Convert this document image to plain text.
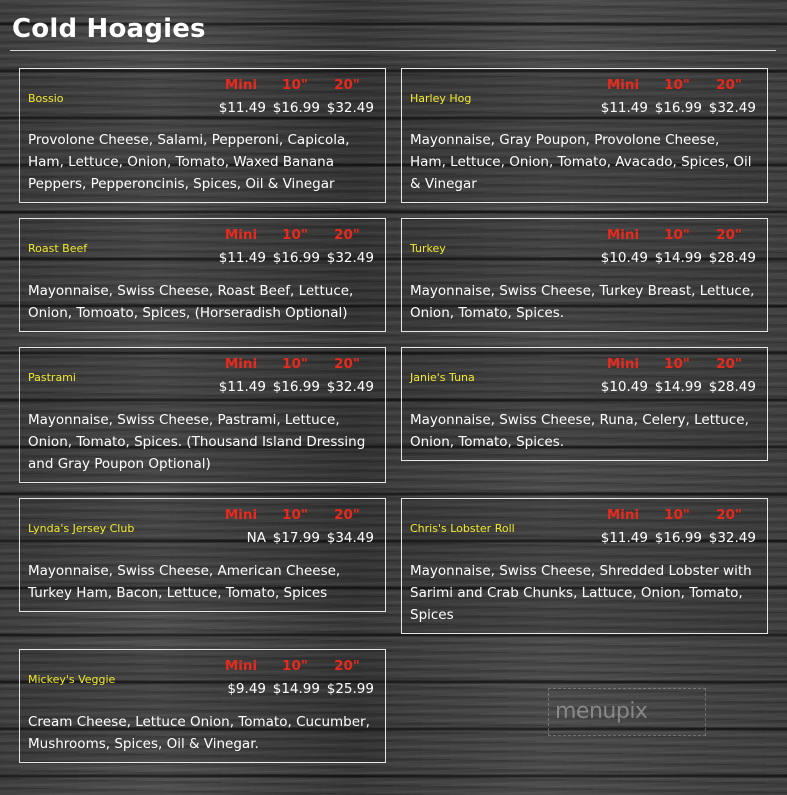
Cold Hoagies
Bossio
Mini	10"	20"
$11.49 $16.99 $32.49
Provolone Cheese, Salami, Pepperoni, Capicola, Ham, Lettuce, Onion, Tomato, Waxed Banana Peppers, Pepperoncinis, Spices, Oil & Vinegar
Harley Hog
Mini	10"	20"
$11.49 $16.99 $32.49
Mayonnaise, Gray Poupon, Provolone Cheese, Ham, Lettuce, Onion, Tomato, Avacado, Spices, Oil & Vinegar
Roast Beef
Mini	10"	20"
$11.49 $16.99 $32.49
Mayonnaise, Swiss Cheese, Roast Beef, Lettuce, Onion, Tomoato, Spices, (Horseradish Optional)
Turkey
Mini	10"	20"
$10.49 $14.99 $28.49
Mayonnaise, Swiss Cheese, Turkey Breast, Lettuce, Onion, Tomato, Spices.
Pastrami
Mini	10"	20"
$11.49 $16.99 $32.49
Mayonnaise, Swiss Cheese, Pastrami, Lettuce, Onion, Tomato, Spices. (Thousand Island Dressing and Gray Poupon Optional)
Janie's Tuna
Mini	10"	20"
$10.49 $14.99 $28.49
Mayonnaise, Swiss Cheese, Runa, Celery, Lettuce, Onion, Tomato, Spices.
Lynda's Jersey Club
Mini	10"	20"
NA $17.99 $34.49
Mayonnaise, Swiss Cheese, American Cheese, Turkey Ham, Bacon, Lettuce, Tomato, Spices
Chris's Lobster Roll
Mini	10"	20"
$11.49 $16.99 $32.49
Mayonnaise, Swiss Cheese, Shredded Lobster with Sarimi and Crab Chunks, Lattuce, Onion, Tomato, Spices
Mickey's Veggie
Mini	10"	20"
$9.49 $14.99 $25.99
Cream Cheese, Lettuce Onion, Tomato, Cucumber, Mushrooms, Spices, Oil & Vinegar.
menupix
